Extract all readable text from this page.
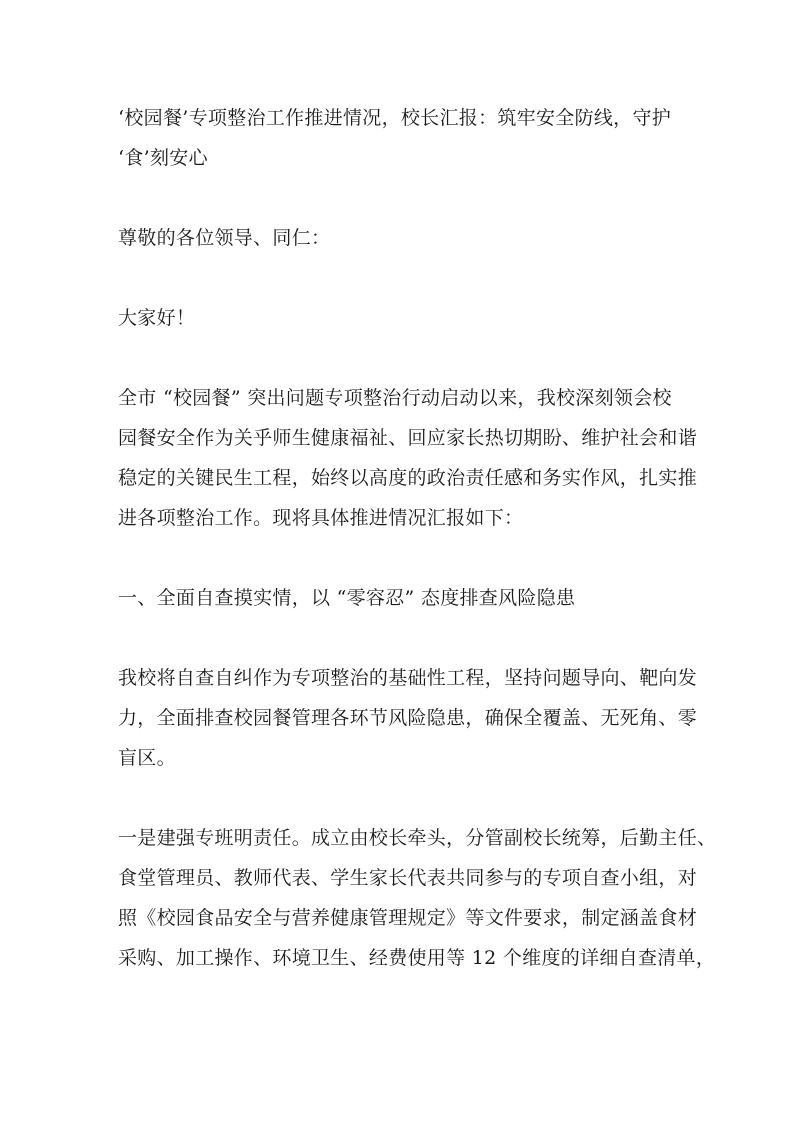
‘校园餐’专项整治工作推进情况，校长汇报：筑牢安全防线，守护
‘食’刻安心
尊敬的各位领导、同仁：
大家好！
全市 “校园餐” 突出问题专项整治行动启动以来，我校深刻领会校
园餐安全作为关乎师生健康福祉、回应家长热切期盼、维护社会和谐
稳定的关键民生工程，始终以高度的政治责任感和务实作风，扎实推
进各项整治工作。现将具体推进情况汇报如下：
一、全面自查摸实情，以 “零容忍” 态度排查风险隐患
我校将自查自纠作为专项整治的基础性工程，坚持问题导向、靶向发
力，全面排查校园餐管理各环节风险隐患，确保全覆盖、无死角、零
盲区。
一是建强专班明责任。成立由校长牵头，分管副校长统筹，后勤主任、
食堂管理员、教师代表、学生家长代表共同参与的专项自查小组，对
照《校园食品安全与营养健康管理规定》等文件要求，制定涵盖食材
采购、加工操作、环境卫生、经费使用等 12 个维度的详细自查清单，
